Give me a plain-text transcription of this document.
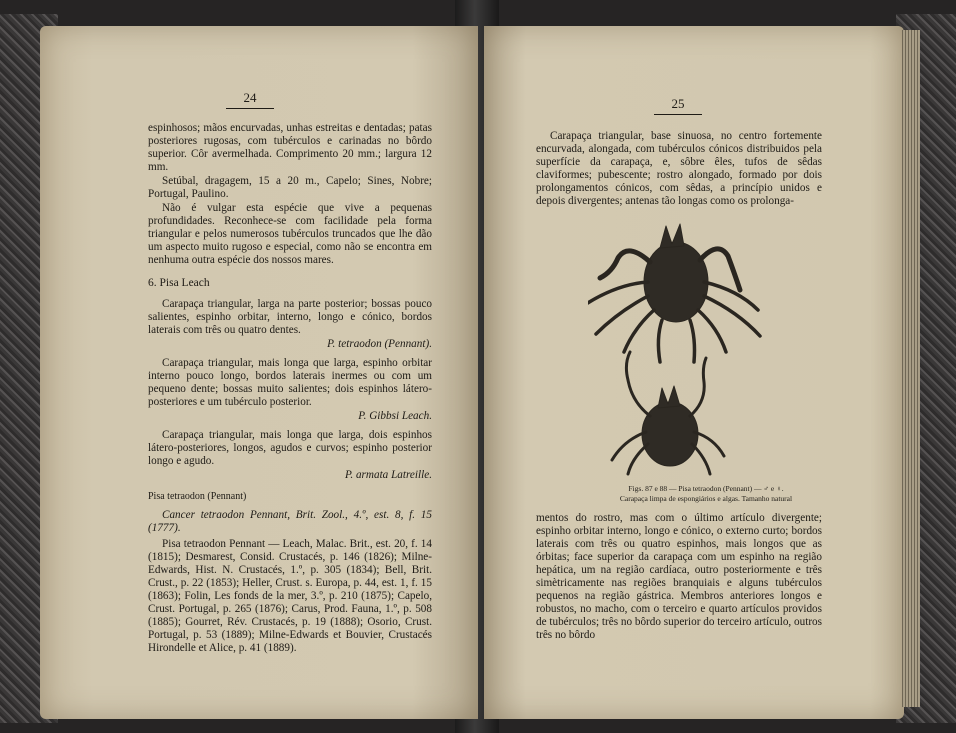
24

espinhosos; mãos encurvadas, unhas estreitas e dentadas; patas posteriores rugosas, com tubérculos e carinadas no bôrdo superior. Côr avermelhada. Comprimento 20 mm.; largura 12 mm.

Setúbal, dragagem, 15 a 20 m., Capelo; Sines, Nobre; Portugal, Paulino.

Não é vulgar esta espécie que vive a pequenas profundidades. Reconhece-se com facilidade pela forma triangular e pelos numerosos tubérculos truncados que lhe dão um aspecto muito rugoso e especial, como não se encontra em nenhuma outra espécie dos nossos mares.

6. Pisa Leach

Carapaça triangular, larga na parte posterior; bossas pouco salientes, espinho orbitar, interno, longo e cónico, bordos laterais com três ou quatro dentes.

P. tetraodon (Pennant).

Carapaça triangular, mais longa que larga, espinho orbitar interno pouco longo, bordos laterais inermes ou com um pequeno dente; bossas muito salientes; dois espinhos látero-posteriores e um tubérculo posterior.

P. Gibbsi Leach.

Carapaça triangular, mais longa que larga, dois espinhos látero-posteriores, longos, agudos e curvos; espinho posterior longo e agudo.

P. armata Latreille.

Pisa tetraodon (Pennant)

Cancer tetraodon Pennant, Brit. Zool., 4.º, est. 8, f. 15 (1777).

Pisa tetraodon Pennant — Leach, Malac. Brit., est. 20, f. 14 (1815); Desmarest, Consid. Crustacés, p. 146 (1826); Milne-Edwards, Hist. N. Crustacés, 1.º, p. 305 (1834); Bell, Brit. Crust., p. 22 (1853); Heller, Crust. s. Europa, p. 44, est. 1, f. 15 (1863); Folin, Les fonds de la mer, 3.º, p. 210 (1875); Capelo, Crust. Portugal, p. 265 (1876); Carus, Prod. Fauna, 1.º, p. 508 (1885); Gourret, Rév. Crustacés, p. 19 (1888); Osorio, Crust. Portugal, p. 53 (1889); Milne-Edwards et Bouvier, Crustacés Hirondelle et Alice, p. 41 (1889).

25

Carapaça triangular, base sinuosa, no centro fortemente encurvada, alongada, com tubérculos cónicos distribuidos pela superfície da carapaça, e, sôbre êles, tufos de sêdas claviformes; pubescente; rostro alongado, formado por dois prolongamentos cónicos, com sêdas, a princípio unidos e depois divergentes; antenas tão longas como os prolonga-

Figs. 87 e 88 — Pisa tetraodon (Pennant) — ♂ e ♀.
Carapaça limpa de espongiários e algas. Tamanho natural

mentos do rostro, mas com o último artículo divergente; espinho orbitar interno, longo e cónico, o externo curto; bordos laterais com três ou quatro espinhos, mais longos que as órbitas; face superior da carapaça com um espinho na região hepática, um na região cardíaca, outro posteriormente e três simètricamente nas regiões branquiais e alguns tubérculos pequenos na região gástrica. Membros anteriores longos e robustos, no macho, com o terceiro e quarto artículos providos de tubérculos; três no bôrdo superior do terceiro artículo, outros três no bôrdo
